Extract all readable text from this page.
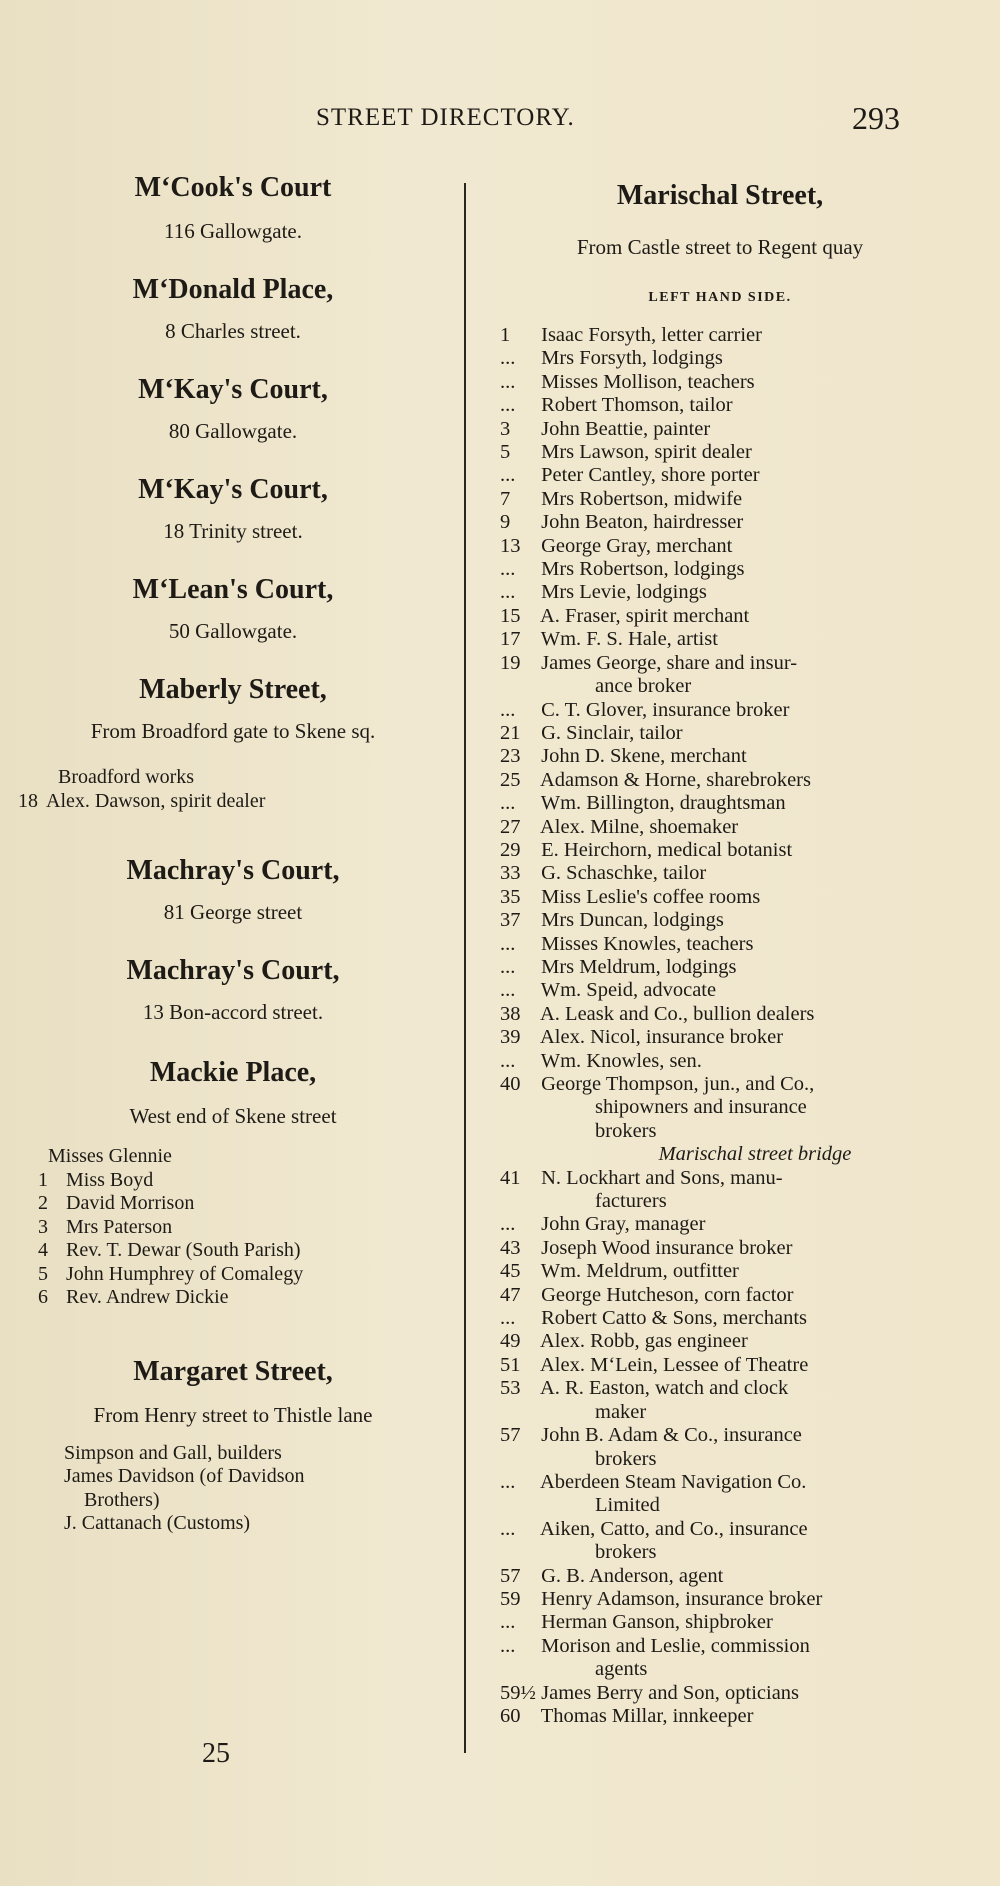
STREET DIRECTORY.	293

M‘Cook's Court

116 Gallowgate.

M‘Donald Place,

8 Charles street.

M‘Kay's Court,

80 Gallowgate.

M‘Kay's Court,

18 Trinity street.

M‘Lean's Court,

50 Gallowgate.

Maberly Street,

From Broadford gate to Skene sq.

Broadford works
18 Alex. Dawson, spirit dealer

Machray's Court,

81 George street

Machray's Court,

13 Bon-accord street.

Mackie Place,

West end of Skene street

Misses Glennie
1 Miss Boyd
2 David Morrison
3 Mrs Paterson
4 Rev. T. Dewar (South Parish)
5 John Humphrey of Comalegy
6 Rev. Andrew Dickie

Margaret Street,

From Henry street to Thistle lane

Simpson and Gall, builders
James Davidson (of Davidson
Brothers)
J. Cattanach (Customs)
25

Marischal Street,

From Castle street to Regent quay

LEFT HAND SIDE.
1 Isaac Forsyth, letter carrier
... Mrs Forsyth, lodgings
... Misses Mollison, teachers
... Robert Thomson, tailor
3 John Beattie, painter
5 Mrs Lawson, spirit dealer
... Peter Cantley, shore porter
7 Mrs Robertson, midwife
9 John Beaton, hairdresser
13 George Gray, merchant
... Mrs Robertson, lodgings
... Mrs Levie, lodgings
15 A. Fraser, spirit merchant
17 Wm. F. S. Hale, artist
19 James George, share and insur-
ance broker
... C. T. Glover, insurance broker
21 G. Sinclair, tailor
23 John D. Skene, merchant
25 Adamson & Horne, sharebrokers
... Wm. Billington, draughtsman
27 Alex. Milne, shoemaker
29 E. Heirchorn, medical botanist
33 G. Schaschke, tailor
35 Miss Leslie's coffee rooms
37 Mrs Duncan, lodgings
... Misses Knowles, teachers
... Mrs Meldrum, lodgings
... Wm. Speid, advocate
38 A. Leask and Co., bullion dealers
39 Alex. Nicol, insurance broker
... Wm. Knowles, sen.
40 George Thompson, jun., and Co.,
shipowners and insurance
brokers
Marischal street bridge
41 N. Lockhart and Sons, manu-
facturers
... John Gray, manager
43 Joseph Wood insurance broker
45 Wm. Meldrum, outfitter
47 George Hutcheson, corn factor
... Robert Catto & Sons, merchants
49 Alex. Robb, gas engineer
51 Alex. M‘Lein, Lessee of Theatre
53 A. R. Easton, watch and clock
maker
57 John B. Adam & Co., insurance
brokers
... Aberdeen Steam Navigation Co.
Limited
... Aiken, Catto, and Co., insurance
brokers
57 G. B. Anderson, agent
59 Henry Adamson, insurance broker
... Herman Ganson, shipbroker
... Morison and Leslie, commission
agents
59½ James Berry and Son, opticians
60 Thomas Millar, innkeeper
